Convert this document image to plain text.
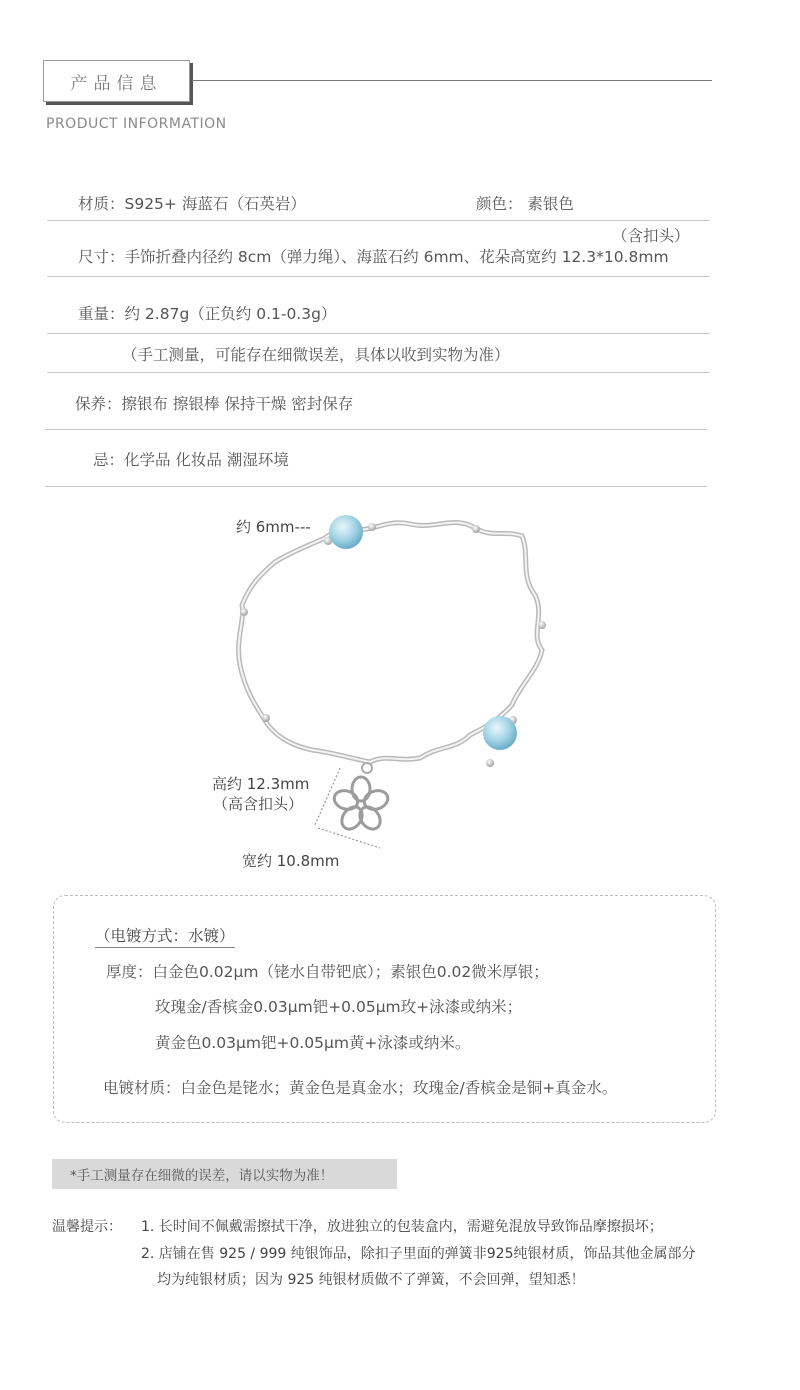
产品信息
PRODUCT INFORMATION
材质：S925+ 海蓝石（石英岩）	颜色： 素银色
（含扣头）
尺寸：手饰折叠内径约 8cm（弹力绳）、海蓝石约 6mm、花朵高宽约 12.3*10.8mm
重量：约 2.87g（正负约 0.1-0.3g）
（手工测量，可能存在细微误差，具体以收到实物为准）
保养：擦银布 擦银棒 保持干燥 密封保存
忌：化学品 化妆品 潮湿环境
约 6mm---
高约 12.3mm
（高含扣头）
宽约 10.8mm
（电镀方式：水镀）
厚度：白金色0.02μm（铑水自带钯底）；素银色0.02微米厚银；
玫瑰金/香槟金0.03μm钯+0.05μm玫+泳漆或纳米；
黄金色0.03μm钯+0.05μm黄+泳漆或纳米。
电镀材质：白金色是铑水；黄金色是真金水；玫瑰金/香槟金是铜+真金水。
*手工测量存在细微的误差，请以实物为准！
温馨提示： 1. 长时间不佩戴需擦拭干净，放进独立的包装盒内，需避免混放导致饰品摩擦损坏；
2. 店铺在售 925 / 999 纯银饰品，除扣子里面的弹簧非925纯银材质，饰品其他金属部分
均为纯银材质；因为 925 纯银材质做不了弹簧，不会回弹，望知悉！
